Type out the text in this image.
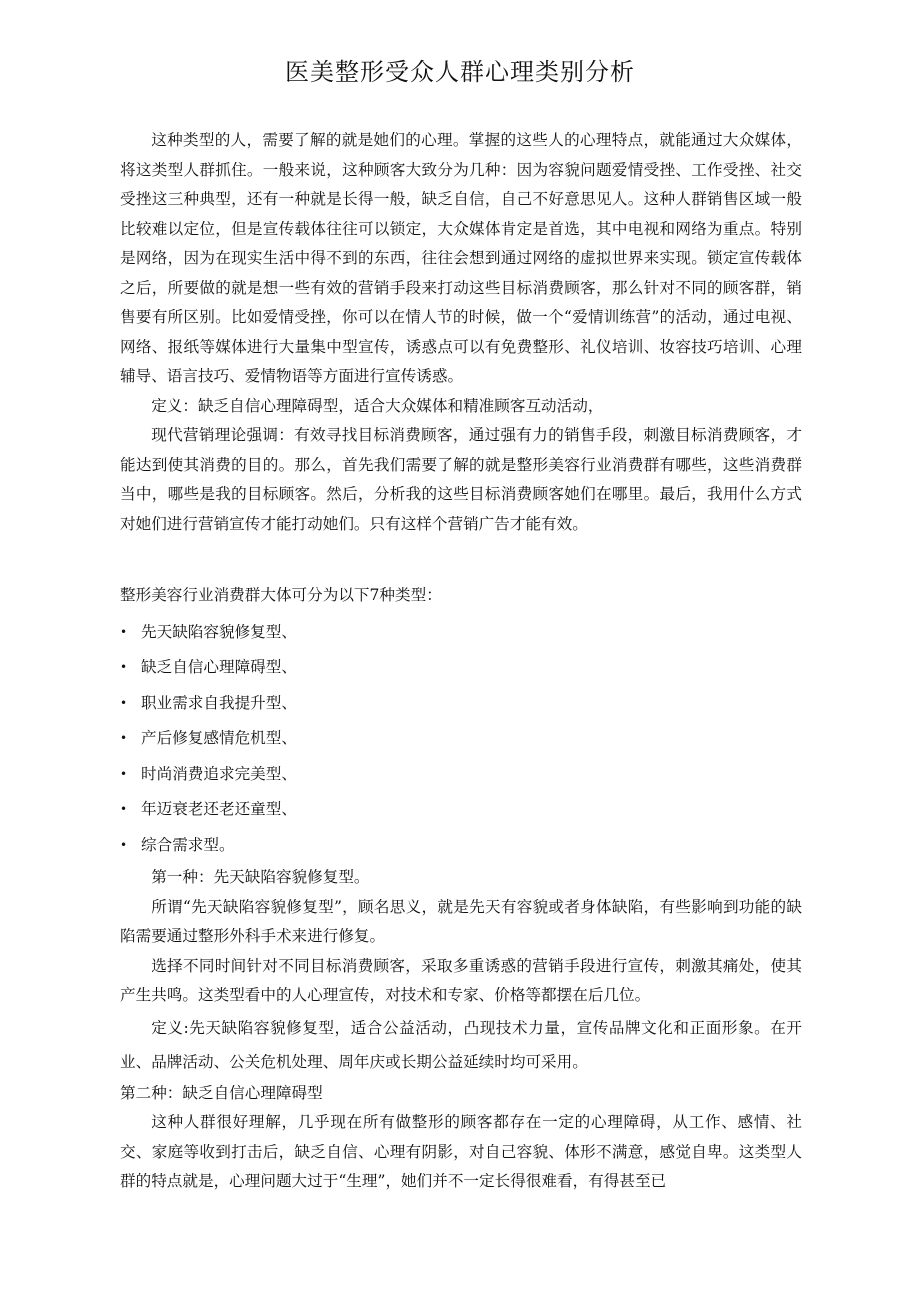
医美整形受众人群心理类别分析

这种类型的人，需要了解的就是她们的心理。掌握的这些人的心理特点，就能通过大众媒体，将这类型人群抓住。一般来说，这种顾客大致分为几种：因为容貌问题爱情受挫、工作受挫、社交受挫这三种典型，还有一种就是长得一般，缺乏自信，自己不好意思见人。这种人群销售区域一般比较难以定位，但是宣传载体往往可以锁定，大众媒体肯定是首选，其中电视和网络为重点。特别是网络，因为在现实生活中得不到的东西，往往会想到通过网络的虚拟世界来实现。锁定宣传载体之后，所要做的就是想一些有效的营销手段来打动这些目标消费顾客，那么针对不同的顾客群，销售要有所区别。比如爱情受挫，你可以在情人节的时候，做一个“爱情训练营”的活动，通过电视、网络、报纸等媒体进行大量集中型宣传，诱惑点可以有免费整形、礼仪培训、妆容技巧培训、心理辅导、语言技巧、爱情物语等方面进行宣传诱惑。

定义：缺乏自信心理障碍型，适合大众媒体和精准顾客互动活动，

现代营销理论强调：有效寻找目标消费顾客，通过强有力的销售手段，刺激目标消费顾客，才能达到使其消费的目的。那么，首先我们需要了解的就是整形美容行业消费群有哪些，这些消费群当中，哪些是我的目标顾客。然后，分析我的这些目标消费顾客她们在哪里。最后，我用什么方式对她们进行营销宣传才能打动她们。只有这样个营销广告才能有效。

整形美容行业消费群大体可分为以下7种类型：

• 先天缺陷容貌修复型、
• 缺乏自信心理障碍型、
• 职业需求自我提升型、
• 产后修复感情危机型、
• 时尚消费追求完美型、
• 年迈衰老还老还童型、
• 综合需求型。

第一种：先天缺陷容貌修复型。

所谓“先天缺陷容貌修复型”，顾名思义，就是先天有容貌或者身体缺陷，有些影响到功能的缺陷需要通过整形外科手术来进行修复。

选择不同时间针对不同目标消费顾客，采取多重诱惑的营销手段进行宣传，刺激其痛处，使其产生共鸣。这类型看中的人心理宣传，对技术和专家、价格等都摆在后几位。

定义:先天缺陷容貌修复型，适合公益活动，凸现技术力量，宣传品牌文化和正面形象。在开业、品牌活动、公关危机处理、周年庆或长期公益延续时均可采用。

第二种：缺乏自信心理障碍型

这种人群很好理解，几乎现在所有做整形的顾客都存在一定的心理障碍，从工作、感情、社交、家庭等收到打击后，缺乏自信、心理有阴影，对自己容貌、体形不满意，感觉自卑。这类型人群的特点就是，心理问题大过于“生理”，她们并不一定长得很难看，有得甚至已
